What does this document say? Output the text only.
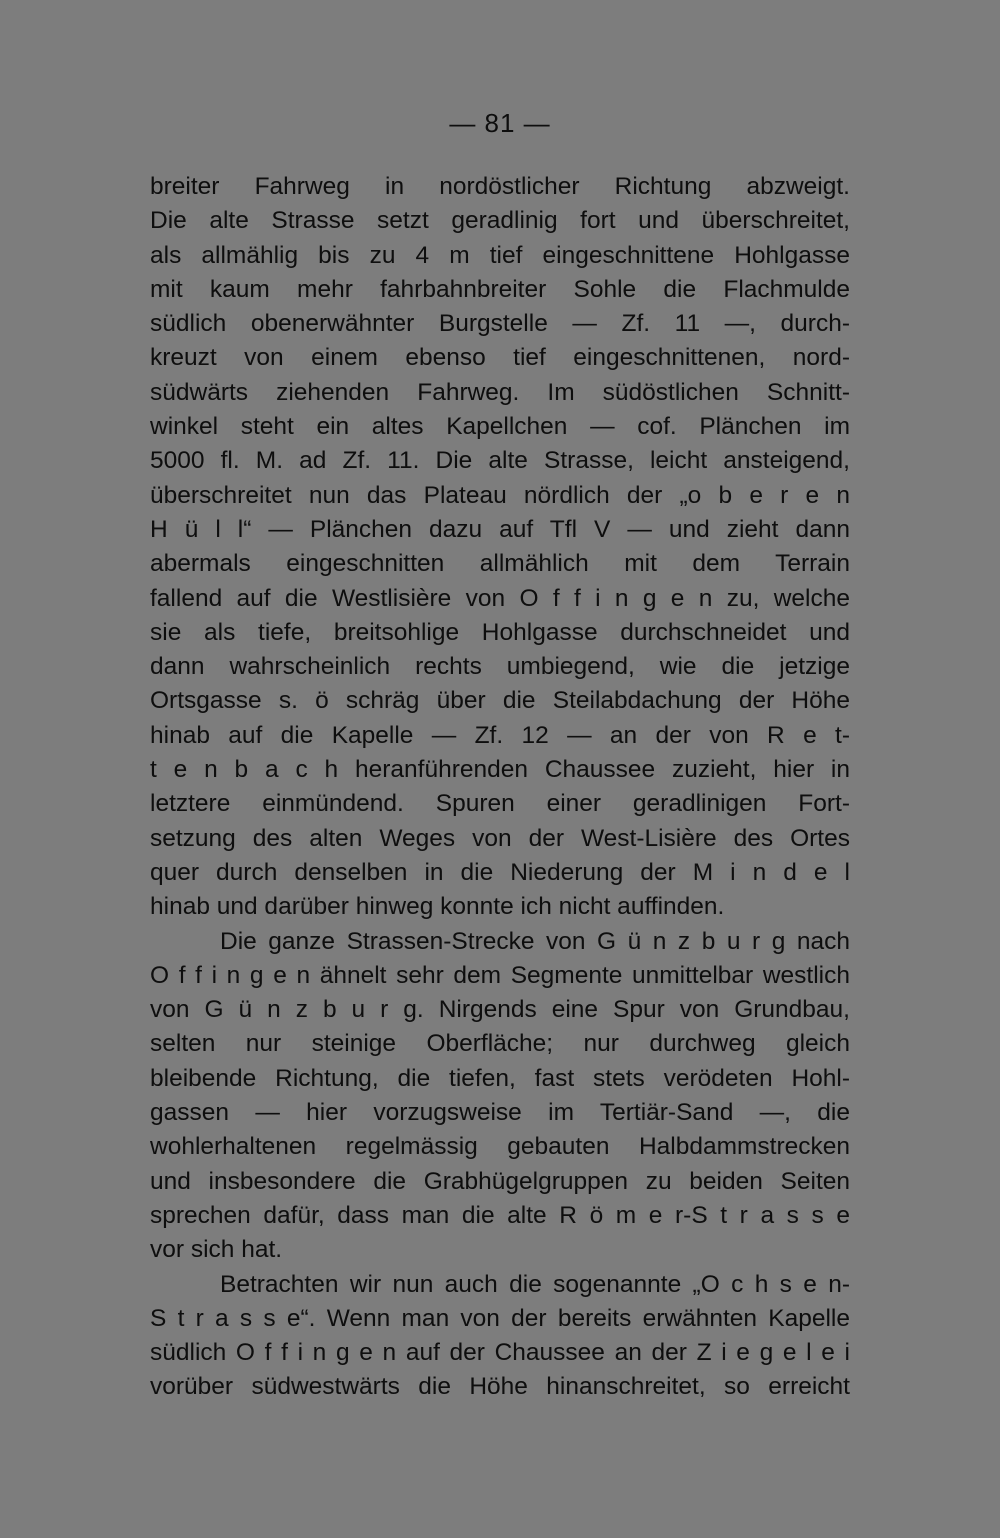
— 81 —
breiter Fahrweg in nordöstlicher Richtung abzweigt.
Die alte Strasse setzt geradlinig fort und überschreitet,
als allmählig bis zu 4 m tief eingeschnittene Hohlgasse
mit kaum mehr fahrbahnbreiter Sohle die Flachmulde
südlich obenerwähnter Burgstelle — Zf. 11 —, durch-
kreuzt von einem ebenso tief eingeschnittenen, nord-
südwärts ziehenden Fahrweg. Im südöstlichen Schnitt-
winkel steht ein altes Kapellchen — cof. Plänchen im
5000 fl. M. ad Zf. 11. Die alte Strasse, leicht ansteigend,
überschreitet nun das Plateau nördlich der „o b e r e n
H ü l l“ — Plänchen dazu auf Tfl V — und zieht dann
abermals eingeschnitten allmählich mit dem Terrain
fallend auf die Westlisière von O f f i n g e n zu, welche
sie als tiefe, breitsohlige Hohlgasse durchschneidet und
dann wahrscheinlich rechts umbiegend, wie die jetzige
Ortsgasse s. ö schräg über die Steilabdachung der Höhe
hinab auf die Kapelle — Zf. 12 — an der von R e t-
t e n b a c h heranführenden Chaussee zuzieht, hier in
letztere einmündend. Spuren einer geradlinigen Fort-
setzung des alten Weges von der West-Lisière des Ortes
quer durch denselben in die Niederung der M i n d e l
hinab und darüber hinweg konnte ich nicht auffinden.
Die ganze Strassen-Strecke von G ü n z b u r g nach
O f f i n g e n ähnelt sehr dem Segmente unmittelbar westlich
von G ü n z b u r g. Nirgends eine Spur von Grundbau,
selten nur steinige Oberfläche; nur durchweg gleich
bleibende Richtung, die tiefen, fast stets verödeten Hohl-
gassen — hier vorzugsweise im Tertiär-Sand —, die
wohlerhaltenen regelmässig gebauten Halbdammstrecken
und insbesondere die Grabhügelgruppen zu beiden Seiten
sprechen dafür, dass man die alte R ö m e r-S t r a s s e
vor sich hat.
Betrachten wir nun auch die sogenannte „O c h s e n-
S t r a s s e“. Wenn man von der bereits erwähnten Kapelle
südlich O f f i n g e n auf der Chaussee an der Z i e g e l e i
vorüber südwestwärts die Höhe hinanschreitet, so erreicht
